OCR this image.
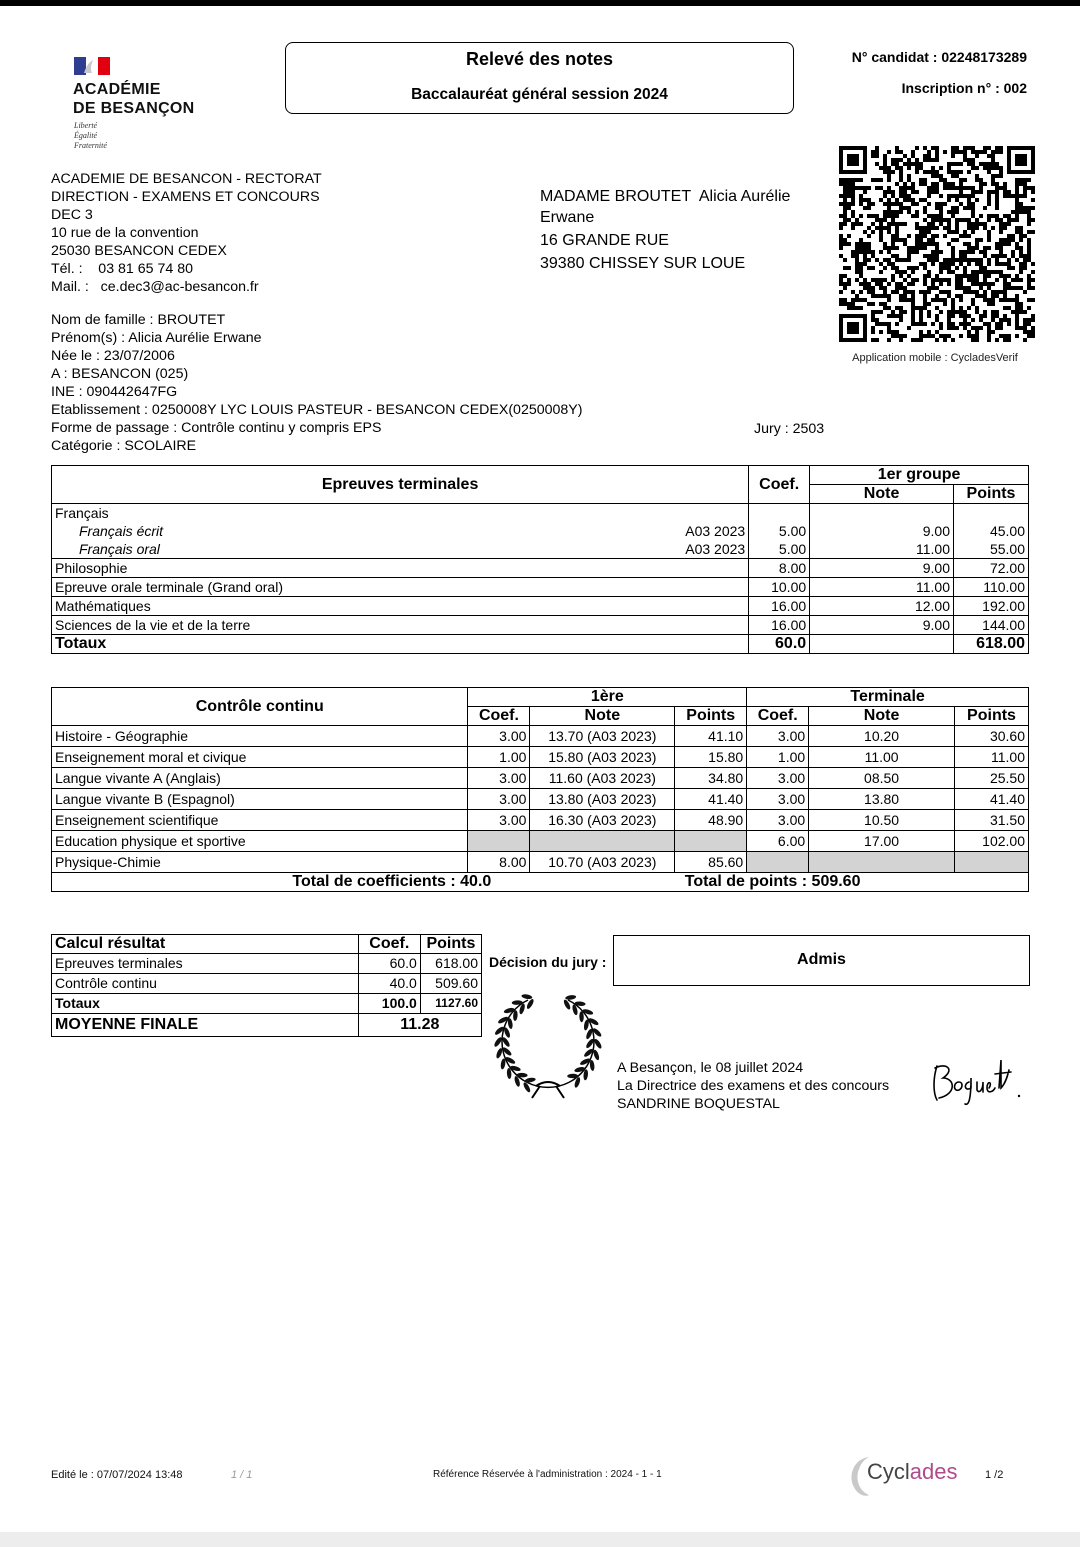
ACADÉMIE
DE BESANÇON
Liberté
Égalité
Fraternité
Relevé des notes
Baccalauréat général session 2024
N° candidat : 02248173289
Inscription n° : 002
Application mobile : CycladesVerif
ACADEMIE DE BESANCON - RECTORAT
DIRECTION - EXAMENS ET CONCOURS
DEC 3
10 rue de la convention
25030 BESANCON CEDEX
Tél. :    03 81 65 74 80
Mail. :   ce.dec3@ac-besancon.fr
MADAME BROUTET  Alicia Aurélie
Erwane
16 GRANDE RUE
39380 CHISSEY SUR LOUE
Nom de famille : BROUTET
Prénom(s) : Alicia Aurélie Erwane
Née le : 23/07/2006
A : BESANCON (025)
INE : 090442647FG
Etablissement : 0250008Y LYC LOUIS PASTEUR - BESANCON CEDEX(0250008Y)
Forme de passage : Contrôle continu y compris EPS
Catégorie : SCOLAIRE
Jury : 2503
Epreuves terminales		Coef.	1er groupe	
			Note	Points
Français				
Français écrit	A03 2023	5.00	9.00	45.00
Français oral	A03 2023	5.00	11.00	55.00
Philosophie		8.00	9.00	72.00
Epreuve orale terminale (Grand oral)		10.00	11.00	110.00
Mathématiques		16.00	12.00	192.00
Sciences de la vie et de la terre		16.00	9.00	144.00
Totaux		60.0		618.00
Contrôle continu	1ère			Terminale		
	Coef.	Note	Points	Coef.	Note	Points
Histoire - Géographie	3.00	13.70 (A03 2023)	41.10	3.00	10.20	30.60
Enseignement moral et civique	1.00	15.80 (A03 2023)	15.80	1.00	11.00	11.00
Langue vivante A (Anglais)	3.00	11.60 (A03 2023)	34.80	3.00	08.50	25.50
Langue vivante B (Espagnol)	3.00	13.80 (A03 2023)	41.40	3.00	13.80	41.40
Enseignement scientifique	3.00	16.30 (A03 2023)	48.90	3.00	10.50	31.50
Education physique et sportive				6.00	17.00	102.00
Physique-Chimie	8.00	10.70 (A03 2023)	85.60			
Total de coefficients : 40.0			Total de points : 509.60			
Calcul résultat	Coef.	Points
Epreuves terminales	60.0	618.00
Contrôle continu	40.0	509.60
Totaux	100.0	1127.60
MOYENNE FINALE	11.28	
Décision du jury :	Admis
A Besançon, le 08 juillet 2024
La Directrice des examens et des concours
SANDRINE BOQUESTAL
Edité le : 07/07/2024 13:48	1 / 1	Référence Réservée à l'administration : 2024 - 1 - 1	Cyclades	1 /2
